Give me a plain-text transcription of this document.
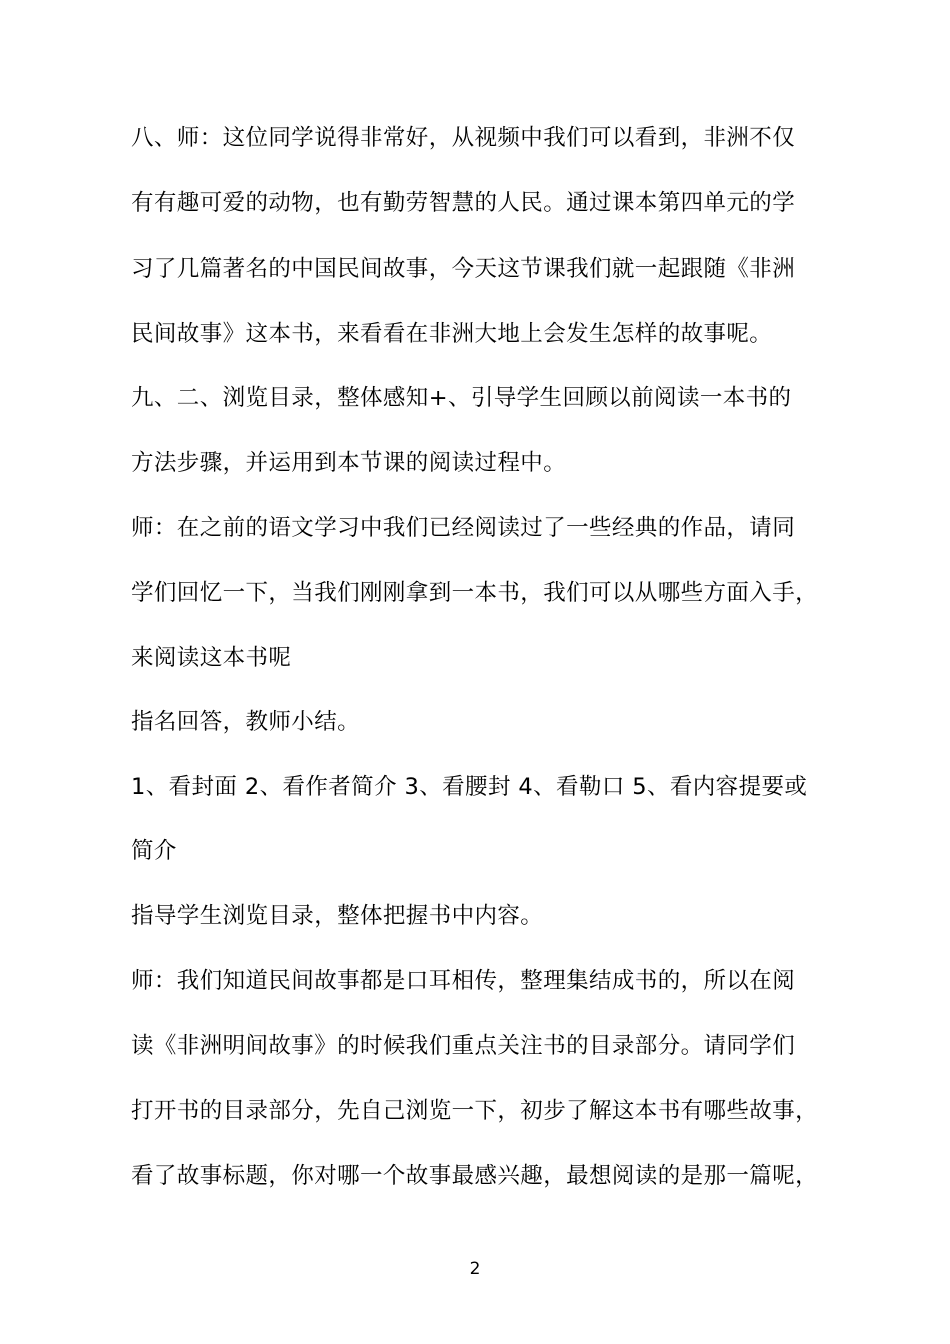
八、师：这位同学说得非常好，从视频中我们可以看到，非洲不仅
有有趣可爱的动物，也有勤劳智慧的人民。通过课本第四单元的学
习了几篇著名的中国民间故事，今天这节课我们就一起跟随《非洲
民间故事》这本书，来看看在非洲大地上会发生怎样的故事呢。
九、二、浏览目录，整体感知+、引导学生回顾以前阅读一本书的
方法步骤，并运用到本节课的阅读过程中。
师：在之前的语文学习中我们已经阅读过了一些经典的作品，请同
学们回忆一下，当我们刚刚拿到一本书，我们可以从哪些方面入手，
来阅读这本书呢
指名回答，教师小结。
1、看封面 2、看作者简介 3、看腰封 4、看勒口 5、看内容提要或
简介
指导学生浏览目录，整体把握书中内容。
师：我们知道民间故事都是口耳相传，整理集结成书的，所以在阅
读《非洲明间故事》的时候我们重点关注书的目录部分。请同学们
打开书的目录部分，先自己浏览一下，初步了解这本书有哪些故事，
看了故事标题，你对哪一个故事最感兴趣，最想阅读的是那一篇呢，
2
